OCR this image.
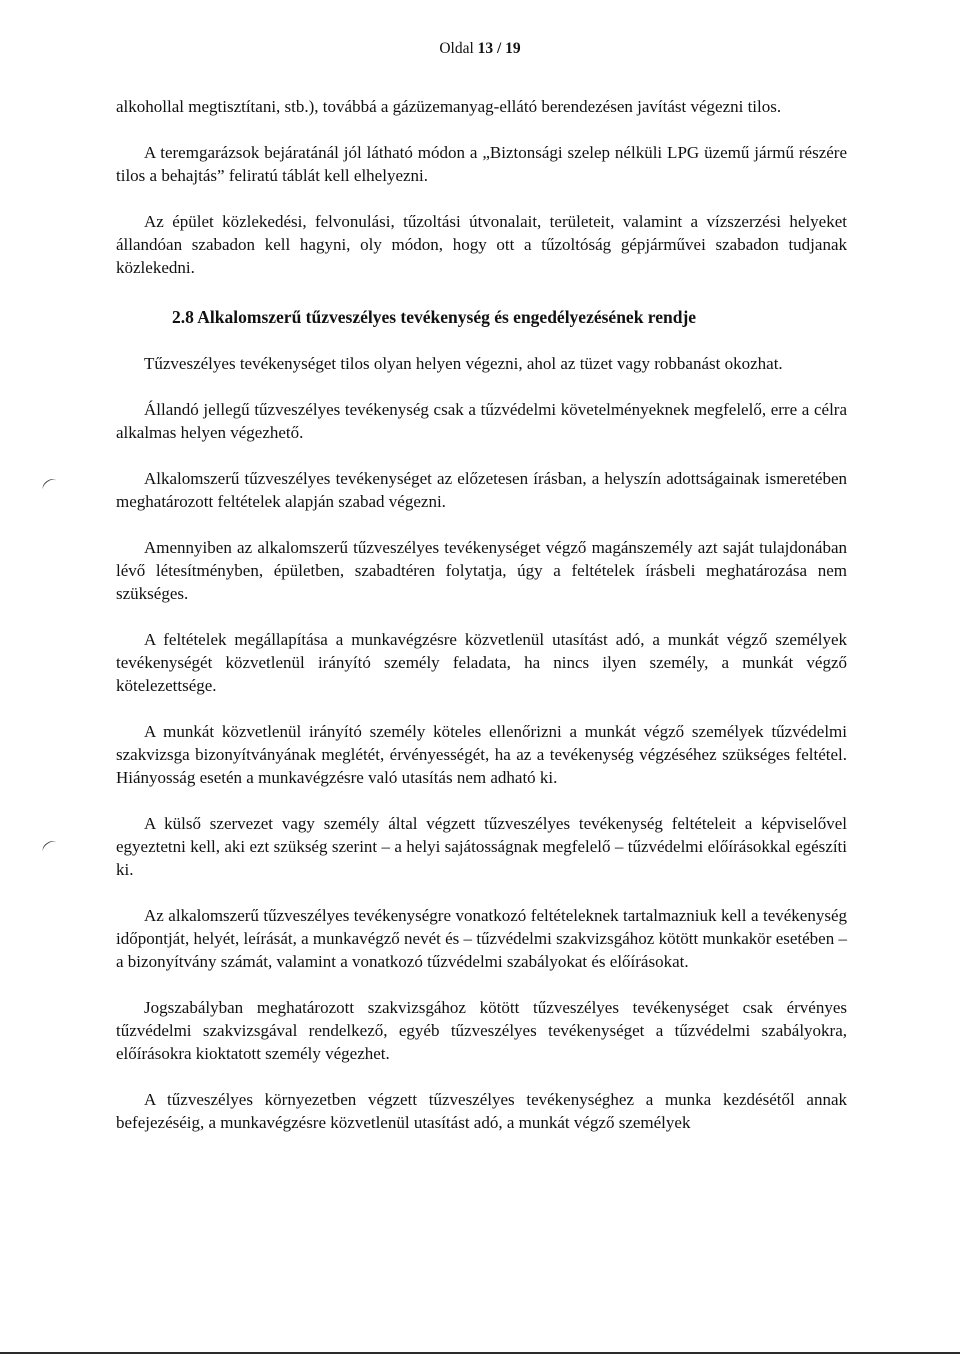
Oldal 13 / 19

alkohollal megtisztítani, stb.), továbbá a gázüzemanyag-ellátó berendezésen javítást végezni tilos.

A teremgarázsok bejáratánál jól látható módon a „Biztonsági szelep nélküli LPG üzemű jármű részére tilos a behajtás” feliratú táblát kell elhelyezni.

Az épület közlekedési, felvonulási, tűzoltási útvonalait, területeit, valamint a vízszerzési helyeket állandóan szabadon kell hagyni, oly módon, hogy ott a tűzoltóság gépjárművei szabadon tudjanak közlekedni.

2.8 Alkalomszerű tűzveszélyes tevékenység és engedélyezésének rendje

Tűzveszélyes tevékenységet tilos olyan helyen végezni, ahol az tüzet vagy robbanást okozhat.

Állandó jellegű tűzveszélyes tevékenység csak a tűzvédelmi követelményeknek megfelelő, erre a célra alkalmas helyen végezhető.

Alkalomszerű tűzveszélyes tevékenységet az előzetesen írásban, a helyszín adottságainak ismeretében meghatározott feltételek alapján szabad végezni.

Amennyiben az alkalomszerű tűzveszélyes tevékenységet végző magánszemély azt saját tulajdonában lévő létesítményben, épületben, szabadtéren folytatja, úgy a feltételek írásbeli meghatározása nem szükséges.

A feltételek megállapítása a munkavégzésre közvetlenül utasítást adó, a munkát végző személyek tevékenységét közvetlenül irányító személy feladata, ha nincs ilyen személy, a munkát végző kötelezettsége.

A munkát közvetlenül irányító személy köteles ellenőrizni a munkát végző személyek tűzvédelmi szakvizsga bizonyítványának meglétét, érvényességét, ha az a tevékenység végzéséhez szükséges feltétel. Hiányosság esetén a munkavégzésre való utasítás nem adható ki.

A külső szervezet vagy személy által végzett tűzveszélyes tevékenység feltételeit a képviselővel egyeztetni kell, aki ezt szükség szerint – a helyi sajátosságnak megfelelő – tűzvédelmi előírásokkal egészíti ki.

Az alkalomszerű tűzveszélyes tevékenységre vonatkozó feltételeknek tartalmazniuk kell a tevékenység időpontját, helyét, leírását, a munkavégző nevét és – tűzvédelmi szakvizsgához kötött munkakör esetében – a bizonyítvány számát, valamint a vonatkozó tűzvédelmi szabályokat és előírásokat.

Jogszabályban meghatározott szakvizsgához kötött tűzveszélyes tevékenységet csak érvényes tűzvédelmi szakvizsgával rendelkező, egyéb tűzveszélyes tevékenységet a tűzvédelmi szabályokra, előírásokra kioktatott személy végezhet.

A tűzveszélyes környezetben végzett tűzveszélyes tevékenységhez a munka kezdésétől annak befejezéséig, a munkavégzésre közvetlenül utasítást adó, a munkát végző személyek
